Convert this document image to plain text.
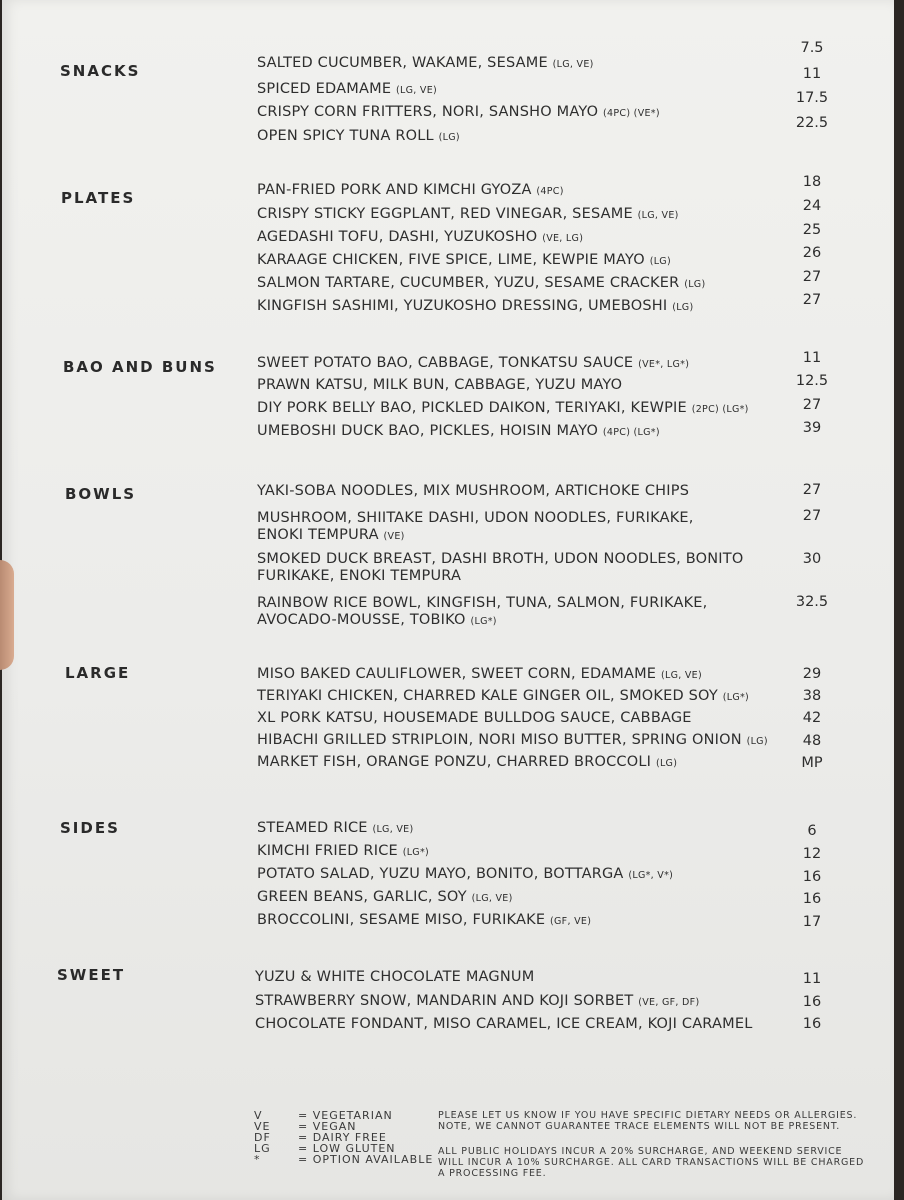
SNACKS	SALTED CUCUMBER, WAKAME, SESAME (LG, VE)
7.5
SPICED EDAMAME (LG, VE)
11
CRISPY CORN FRITTERS, NORI, SANSHO MAYO (4PC) (VE*)
17.5
OPEN SPICY TUNA ROLL (LG)
22.5
PLATES	PAN-FRIED PORK AND KIMCHI GYOZA (4PC)
18
CRISPY STICKY EGGPLANT, RED VINEGAR, SESAME (LG, VE)
24
AGEDASHI TOFU, DASHI, YUZUKOSHO (VE, LG)
25
KARAAGE CHICKEN, FIVE SPICE, LIME, KEWPIE MAYO (LG)
26
SALMON TARTARE, CUCUMBER, YUZU, SESAME CRACKER (LG)	27
KINGFISH SASHIMI, YUZUKOSHO DRESSING, UMEBOSHI (LG)	27
BAO AND BUNS	SWEET POTATO BAO, CABBAGE, TONKATSU SAUCE (VE*, LG*)	11
PRAWN KATSU, MILK BUN, CABBAGE, YUZU MAYO	12.5
DIY PORK BELLY BAO, PICKLED DAIKON, TERIYAKI, KEWPIE (2PC) (LG*)	27
UMEBOSHI DUCK BAO, PICKLES, HOISIN MAYO (4PC) (LG*)	39
BOWLS	YAKI-SOBA NOODLES, MIX MUSHROOM, ARTICHOKE CHIPS	27
MUSHROOM, SHIITAKE DASHI, UDON NOODLES, FURIKAKE,
ENOKI TEMPURA (VE)
27
SMOKED DUCK BREAST, DASHI BROTH, UDON NOODLES, BONITO
FURIKAKE, ENOKI TEMPURA
30
RAINBOW RICE BOWL, KINGFISH, TUNA, SALMON, FURIKAKE,
AVOCADO-MOUSSE, TOBIKO (LG*)
32.5
LARGE	MISO BAKED CAULIFLOWER, SWEET CORN, EDAMAME (LG, VE)	29
TERIYAKI CHICKEN, CHARRED KALE GINGER OIL, SMOKED SOY (LG*)	38
XL PORK KATSU, HOUSEMADE BULLDOG SAUCE, CABBAGE	42
HIBACHI GRILLED STRIPLOIN, NORI MISO BUTTER, SPRING ONION (LG)	48
MARKET FISH, ORANGE PONZU, CHARRED BROCCOLI (LG)	MP
SIDES	STEAMED RICE (LG, VE)	6
KIMCHI FRIED RICE (LG*)	12
POTATO SALAD, YUZU MAYO, BONITO, BOTTARGA (LG*, V*)	16
GREEN BEANS, GARLIC, SOY (LG, VE)	16
BROCCOLINI, SESAME MISO, FURIKAKE (GF, VE)	17
SWEET	YUZU & WHITE CHOCOLATE MAGNUM	11
STRAWBERRY SNOW, MANDARIN AND KOJI SORBET (VE, GF, DF)	16
CHOCOLATE FONDANT, MISO CARAMEL, ICE CREAM, KOJI CARAMEL	16
V	= VEGETARIAN
VE	= VEGAN
DF	= DAIRY FREE
LG	= LOW GLUTEN
*	= OPTION AVAILABLE
PLEASE LET US KNOW IF YOU HAVE SPECIFIC DIETARY NEEDS OR ALLERGIES.
NOTE, WE CANNOT GUARANTEE TRACE ELEMENTS WILL NOT BE PRESENT.
ALL PUBLIC HOLIDAYS INCUR A 20% SURCHARGE, AND WEEKEND SERVICE
WILL INCUR A 10% SURCHARGE. ALL CARD TRANSACTIONS WILL BE CHARGED
A PROCESSING FEE.
